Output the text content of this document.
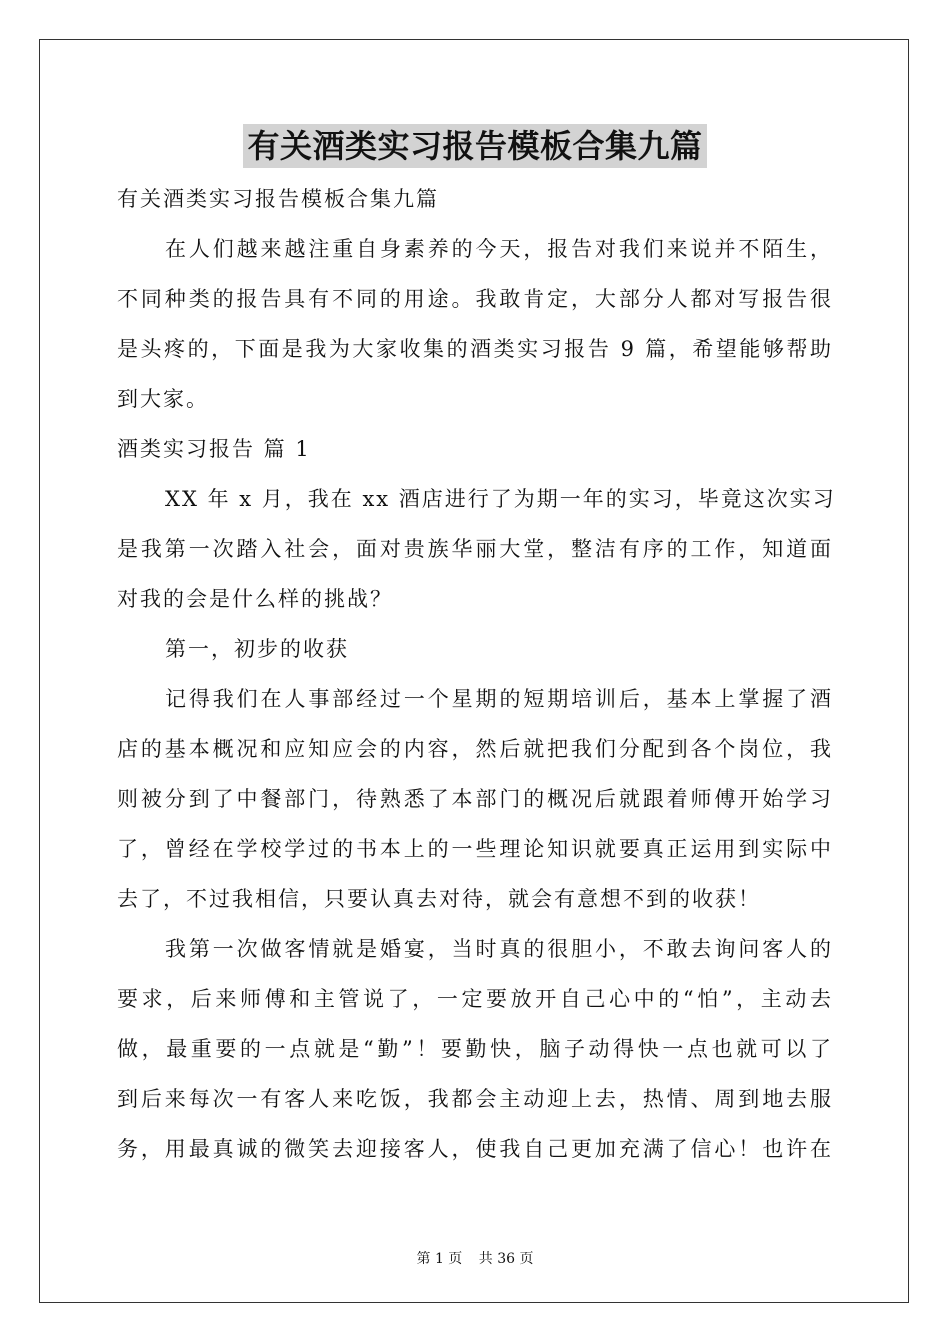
有关酒类实习报告模板合集九篇
有关酒类实习报告模板合集九篇
在人们越来越注重自身素养的今天，报告对我们来说并不陌生，
不同种类的报告具有不同的用途。我敢肯定，大部分人都对写报告很
是头疼的，下面是我为大家收集的酒类实习报告 9 篇，希望能够帮助
到大家。
酒类实习报告 篇 1
XX 年 x 月，我在 xx 酒店进行了为期一年的实习，毕竟这次实习
是我第一次踏入社会，面对贵族华丽大堂，整洁有序的工作，知道面
对我的会是什么样的挑战？
第一，初步的收获
记得我们在人事部经过一个星期的短期培训后，基本上掌握了酒
店的基本概况和应知应会的内容，然后就把我们分配到各个岗位，我
则被分到了中餐部门，待熟悉了本部门的概况后就跟着师傅开始学习
了，曾经在学校学过的书本上的一些理论知识就要真正运用到实际中
去了，不过我相信，只要认真去对待，就会有意想不到的收获！
我第一次做客情就是婚宴，当时真的很胆小，不敢去询问客人的
要求，后来师傅和主管说了，一定要放开自己心中的“怕”，主动去
做，最重要的一点就是“勤”！要勤快，脑子动得快一点也就可以了
到后来每次一有客人来吃饭，我都会主动迎上去，热情、周到地去服
务，用最真诚的微笑去迎接客人，使我自己更加充满了信心！也许在
第 1 页 共 36 页
